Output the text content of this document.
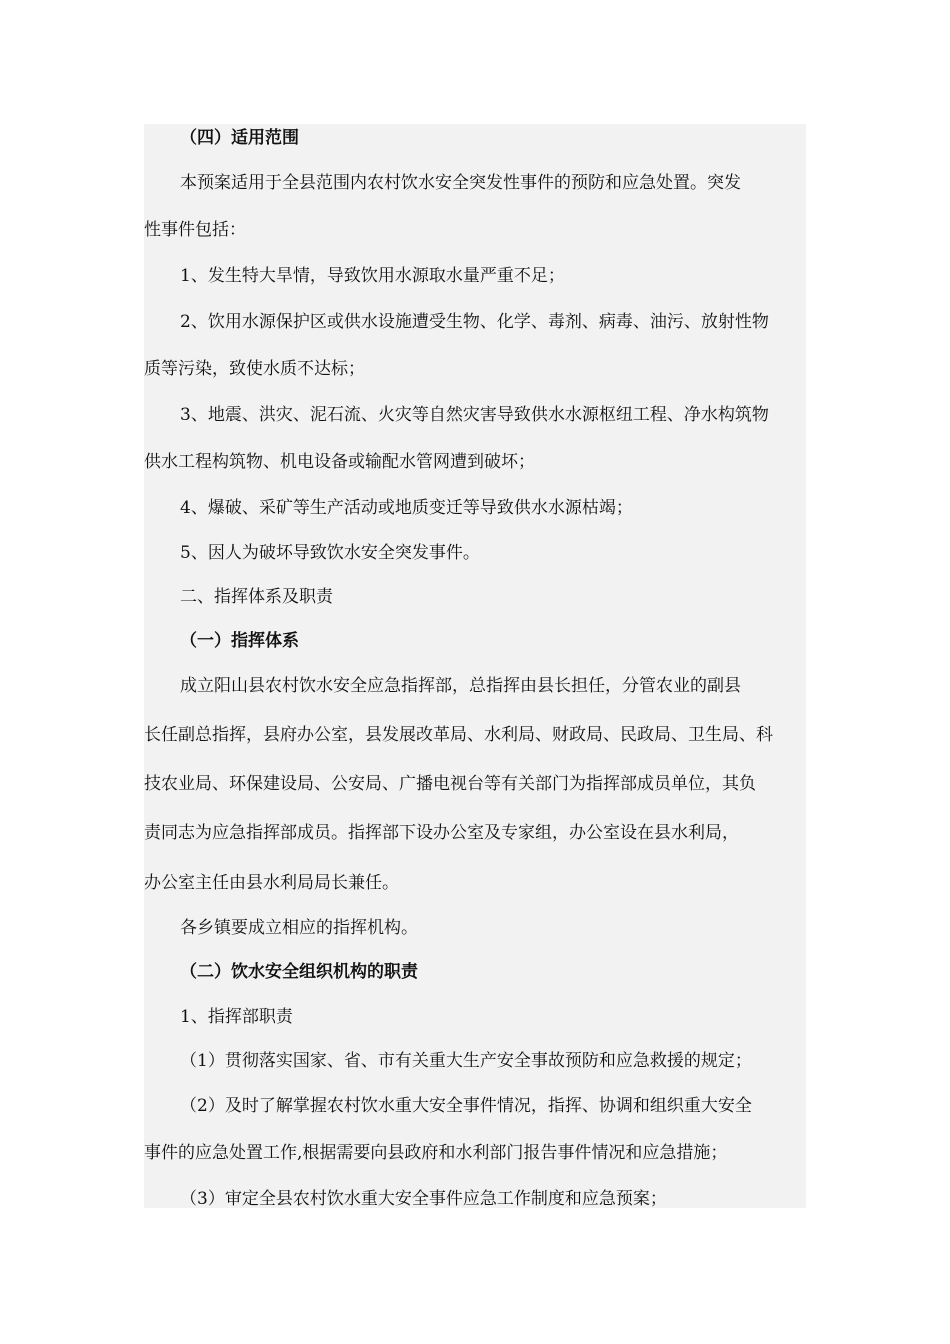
（四）适用范围
本预案适用于全县范围内农村饮水安全突发性事件的预防和应急处置。突发
性事件包括：
1、发生特大旱情，导致饮用水源取水量严重不足；
2、饮用水源保护区或供水设施遭受生物、化学、毒剂、病毒、油污、放射性物
质等污染，致使水质不达标；
3、地震、洪灾、泥石流、火灾等自然灾害导致供水水源枢纽工程、净水构筑物
供水工程构筑物、机电设备或输配水管网遭到破坏；
4、爆破、采矿等生产活动或地质变迁等导致供水水源枯竭；
5、因人为破坏导致饮水安全突发事件。
二、指挥体系及职责
（一）指挥体系
成立阳山县农村饮水安全应急指挥部，总指挥由县长担任，分管农业的副县
长任副总指挥，县府办公室，县发展改革局、水利局、财政局、民政局、卫生局、科
技农业局、环保建设局、公安局、广播电视台等有关部门为指挥部成员单位，其负
责同志为应急指挥部成员。指挥部下设办公室及专家组，办公室设在县水利局，
办公室主任由县水利局局长兼任。
各乡镇要成立相应的指挥机构。
（二）饮水安全组织机构的职责
1、指挥部职责
（1）贯彻落实国家、省、市有关重大生产安全事故预防和应急救援的规定；
（2）及时了解掌握农村饮水重大安全事件情况，指挥、协调和组织重大安全
事件的应急处置工作,根据需要向县政府和水利部门报告事件情况和应急措施；
（3）审定全县农村饮水重大安全事件应急工作制度和应急预案；
